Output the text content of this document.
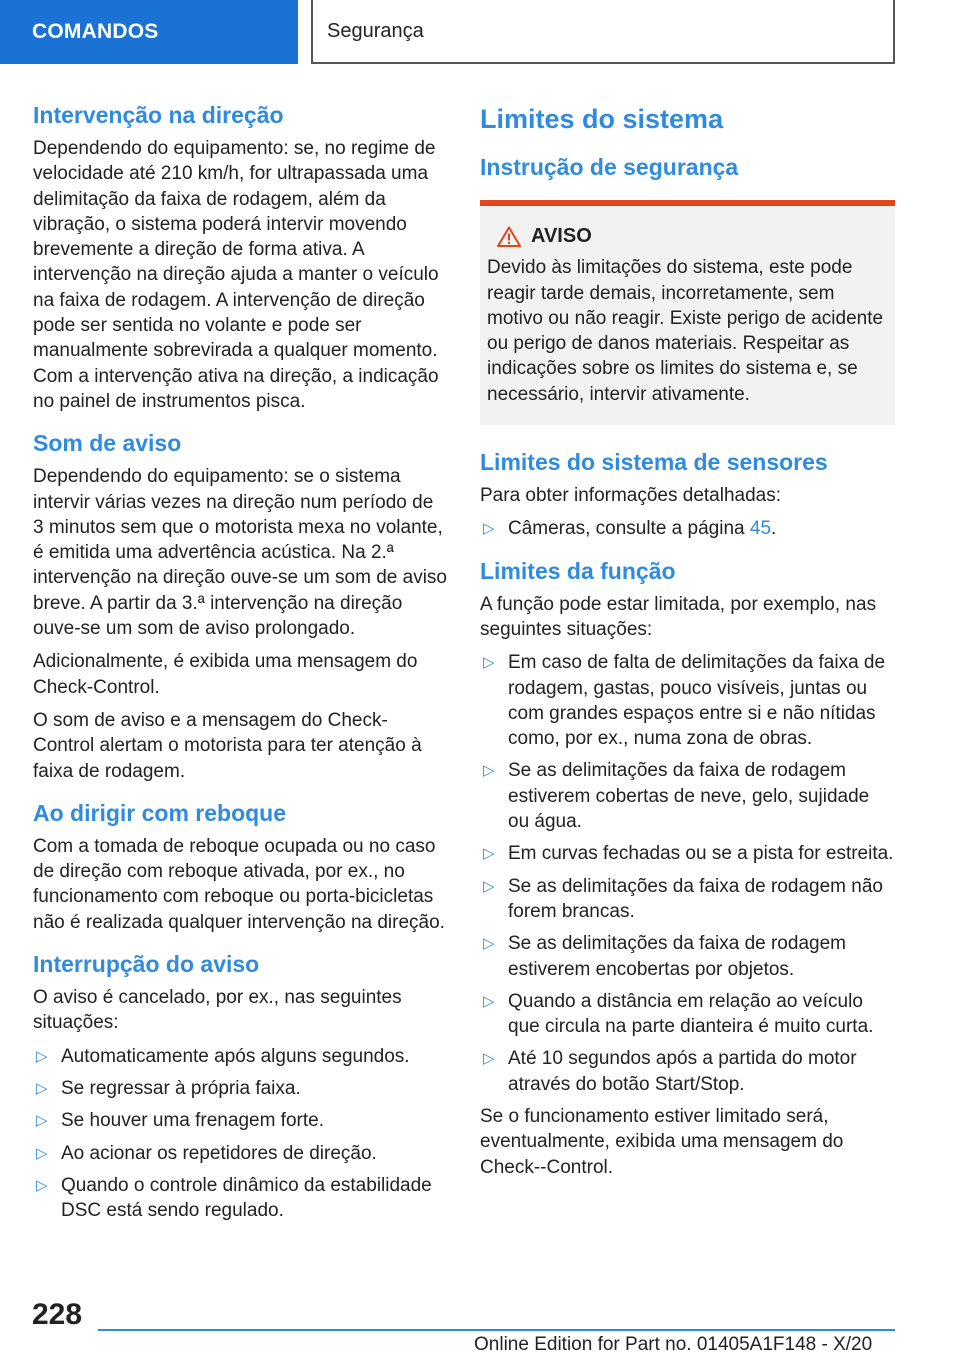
COMANDOS	Segurança
Intervenção na direção

Dependendo do equipamento: se, no regime de velocidade até 210 km/h, for ultrapassada uma delimitação da faixa de rodagem, além da vibração, o sistema poderá intervir movendo brevemente a direção de forma ativa. A intervenção na direção ajuda a manter o veículo na faixa de rodagem. A intervenção de direção pode ser sentida no volante e pode ser manualmente sobrevirada a qualquer momento. Com a intervenção ativa na direção, a indicação no painel de instrumentos pisca.

Som de aviso

Dependendo do equipamento: se o sistema intervir várias vezes na direção num período de 3 minutos sem que o motorista mexa no volante, é emitida uma advertência acústica. Na 2.ª intervenção na direção ouve-se um som de aviso breve. A partir da 3.ª intervenção na direção ouve-se um som de aviso prolongado.

Adicionalmente, é exibida uma mensagem do Check-Control.

O som de aviso e a mensagem do Check-Control alertam o motorista para ter atenção à faixa de rodagem.

Ao dirigir com reboque

Com a tomada de reboque ocupada ou no caso de direção com reboque ativada, por ex., no funcionamento com reboque ou porta-bicicletas não é realizada qualquer intervenção na direção.

Interrupção do aviso

O aviso é cancelado, por ex., nas seguintes situações:

▷ Automaticamente após alguns segundos.
▷ Se regressar à própria faixa.
▷ Se houver uma frenagem forte.
▷ Ao acionar os repetidores de direção.
▷ Quando o controle dinâmico da estabilidade DSC está sendo regulado.
Limites do sistema
Instrução de segurança
AVISO

Devido às limitações do sistema, este pode reagir tarde demais, incorretamente, sem motivo ou não reagir. Existe perigo de acidente ou perigo de danos materiais. Respeitar as indicações sobre os limites do sistema e, se necessário, intervir ativamente.

Limites do sistema de sensores

Para obter informações detalhadas:

▷ Câmeras, consulte a página 45.
Limites da função

A função pode estar limitada, por exemplo, nas seguintes situações:

▷ Em caso de falta de delimitações da faixa de rodagem, gastas, pouco visíveis, juntas ou com grandes espaços entre si e não nítidas como, por ex., numa zona de obras.
▷ Se as delimitações da faixa de rodagem estiverem cobertas de neve, gelo, sujidade ou água.
▷ Em curvas fechadas ou se a pista for estreita.
▷ Se as delimitações da faixa de rodagem não forem brancas.
▷ Se as delimitações da faixa de rodagem estiverem encobertas por objetos.
▷ Quando a distância em relação ao veículo que circula na parte dianteira é muito curta.
▷ Até 10 segundos após a partida do motor através do botão Start/Stop.

Se o funcionamento estiver limitado será, eventualmente, exibida uma mensagem do Check--Control.

228
Online Edition for Part no. 01405A1F148 - X/20
